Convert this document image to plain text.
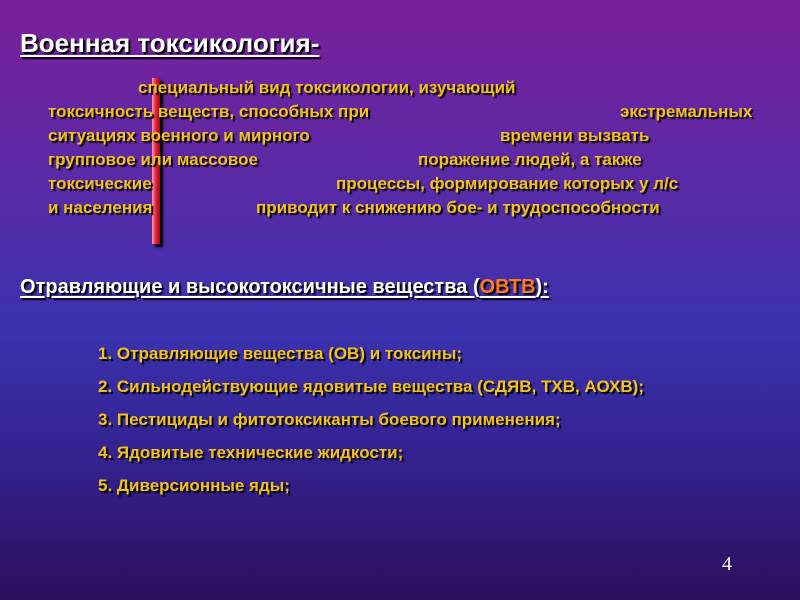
Военная токсикология-
специальный вид токсикологии, изучающий
токсичность веществ, способных при	экстремальных
ситуациях военного и мирного	времени вызвать
групповое или массовое	поражение людей, а также
токсические	процессы, формирование которых у л/с
и населения	приводит к снижению бое- и трудоспособности
Отравляющие и высокотоксичные вещества (ОВТВ):
1. Отравляющие вещества (ОВ) и токсины;
2. Сильнодействующие ядовитые вещества (СДЯВ, ТХВ, АОХВ);
3. Пестициды и фитотоксиканты боевого применения;
4. Ядовитые технические жидкости;
5. Диверсионные яды;
4
